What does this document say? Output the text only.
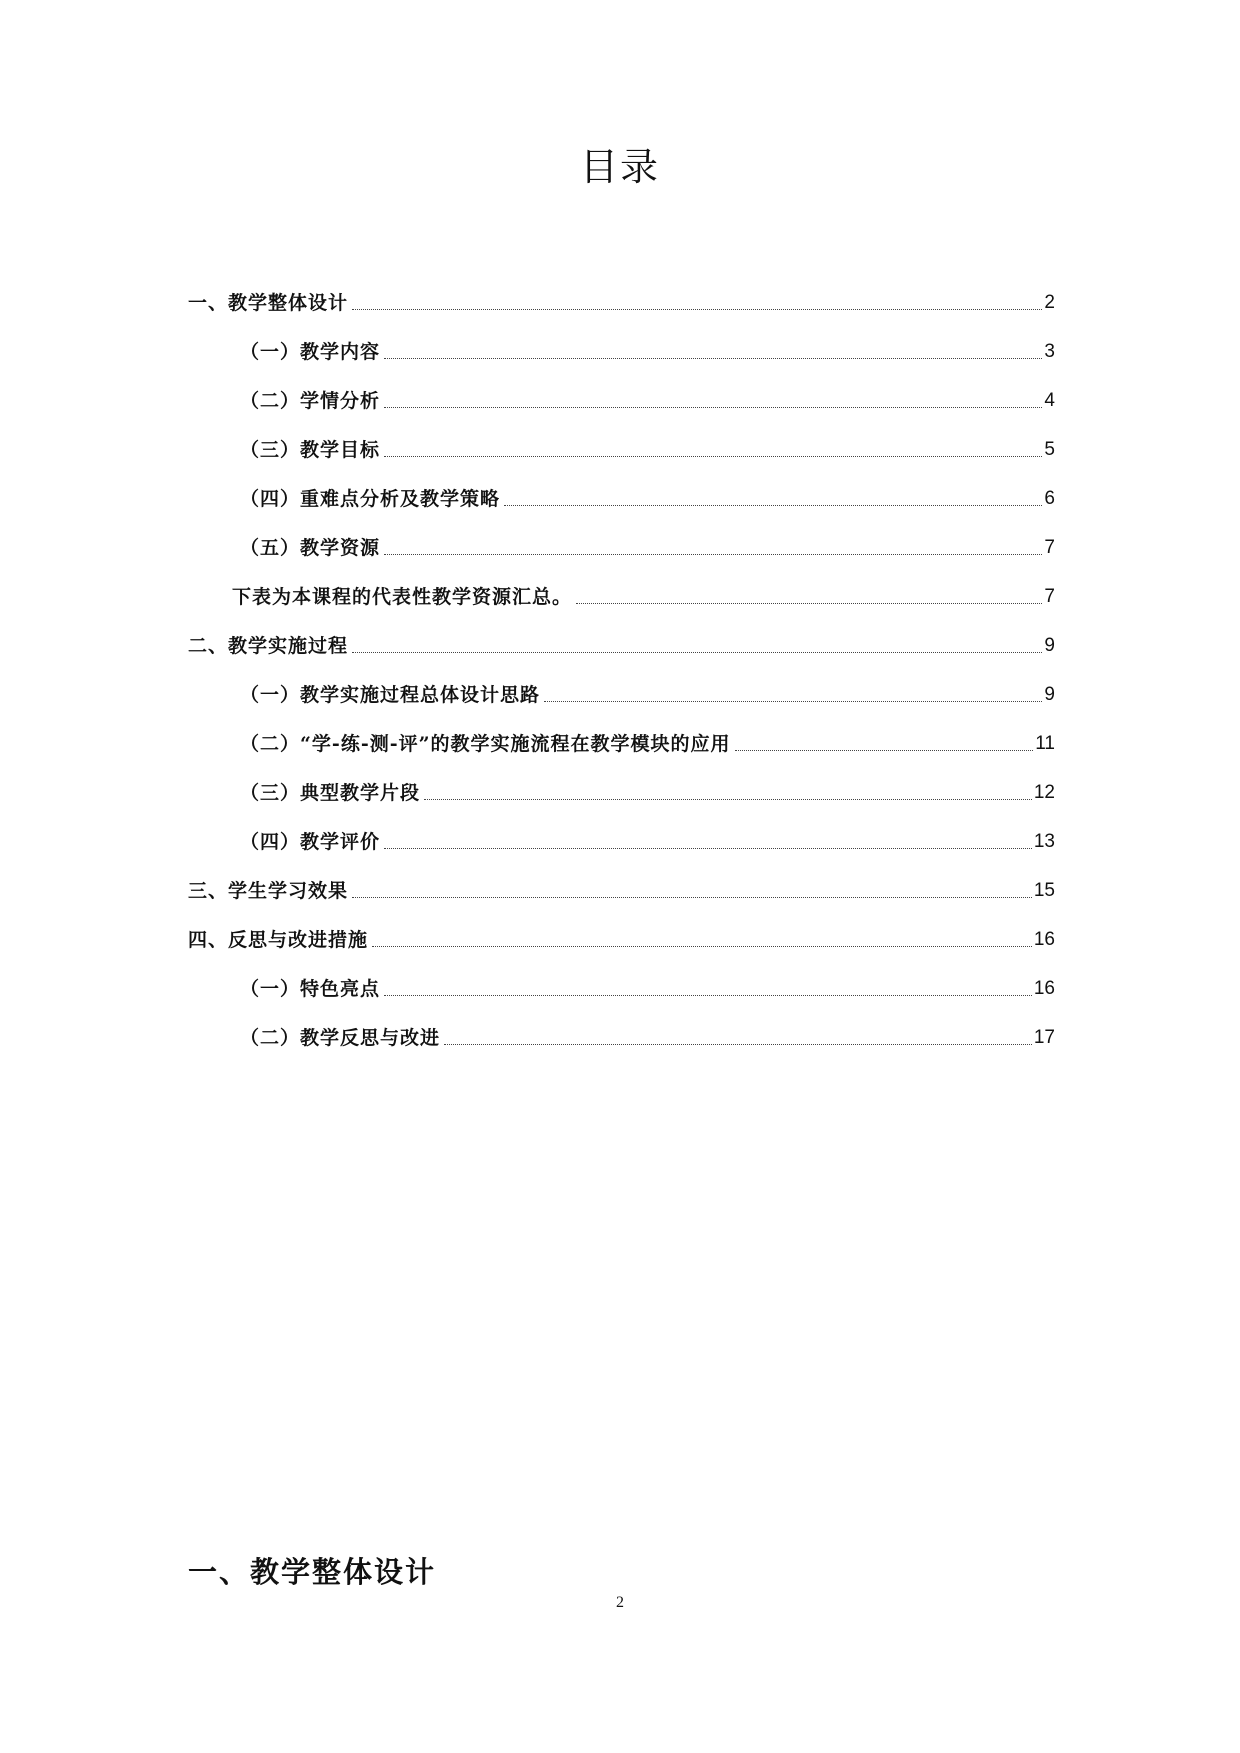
目录
一、教学整体设计	2
（一）教学内容	3
（二）学情分析	4
（三）教学目标	5
（四）重难点分析及教学策略	6
（五）教学资源	7
下表为本课程的代表性教学资源汇总。	7
二、教学实施过程	9
（一）教学实施过程总体设计思路	9
（二）“学-练-测-评”的教学实施流程在教学模块的应用	11
（三）典型教学片段	12
（四）教学评价	13
三、学生学习效果	15
四、反思与改进措施	16
（一）特色亮点	16
（二）教学反思与改进	17
一、教学整体设计
2
